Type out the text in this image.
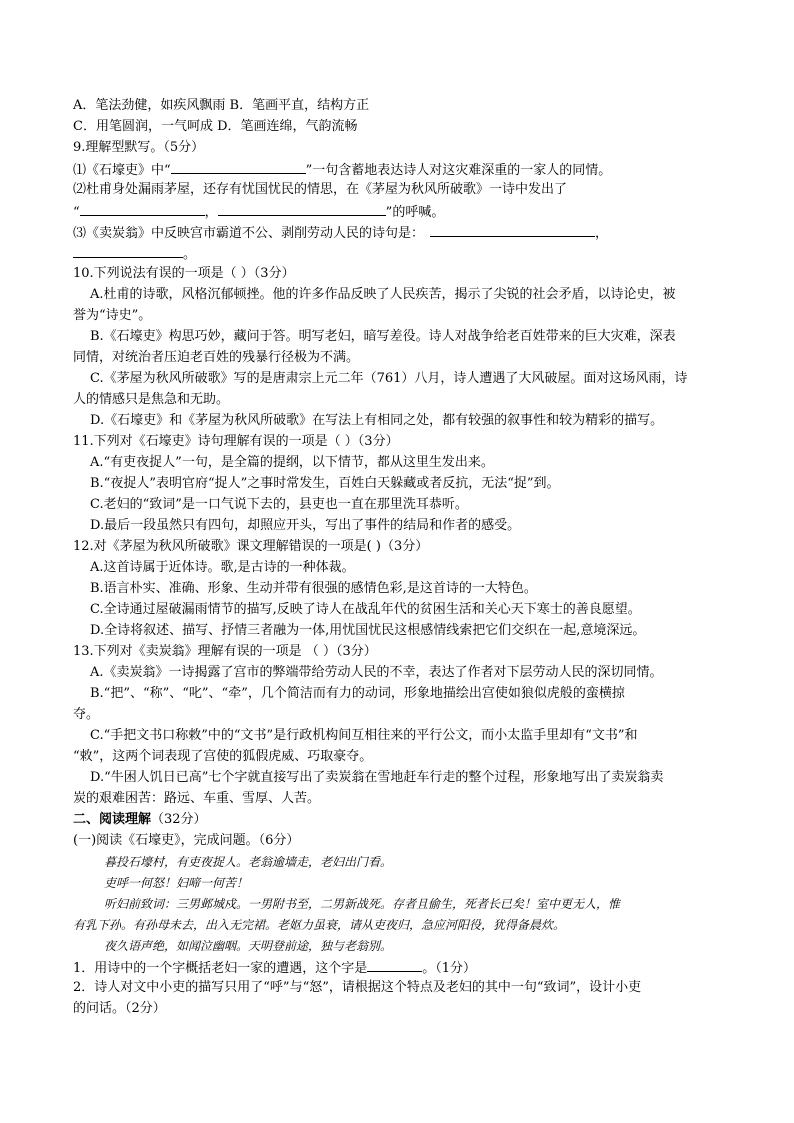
A．笔法劲健，如疾风飘雨 B．笔画平直，结构方正
C．用笔圆润，一气呵成 D．笔画连绵，气韵流畅
9.理解型默写。（5分）
⑴《石壕吏》中“	”一句含蓄地表达诗人对这灾难深重的一家人的同情。
⑵杜甫身处漏雨茅屋，还存有忧国忧民的情思，在《茅屋为秋风所破歌》一诗中发出了
“	，	”的呼喊。
⑶《卖炭翁》中反映宫市霸道不公、剥削劳动人民的诗句是：	，
。
10.下列说法有误的一项是（ ）（3分）
A.杜甫的诗歌，风格沉郁顿挫。他的许多作品反映了人民疾苦，揭示了尖锐的社会矛盾，以诗论史，被
誉为“诗史”。
B.《石壕吏》构思巧妙，藏问于答。明写老妇，暗写差役。诗人对战争给老百姓带来的巨大灾难，深表
同情，对统治者压迫老百姓的残暴行径极为不满。
C.《茅屋为秋风所破歌》写的是唐肃宗上元二年（761）八月，诗人遭遇了大风破屋。面对这场风雨，诗
人的情感只是焦急和无助。
D.《石壕吏》和《茅屋为秋风所破歌》在写法上有相同之处，都有较强的叙事性和较为精彩的描写。
11.下列对《石壕吏》诗句理解有误的一项是（ ）（3分）
A.“有吏夜捉人”一句，是全篇的提纲，以下情节，都从这里生发出来。
B.“夜捉人”表明官府“捉人”之事时常发生，百姓白天躲藏或者反抗，无法“捉”到。
C.老妇的“致词”是一口气说下去的，县吏也一直在那里洗耳恭听。
D.最后一段虽然只有四句，却照应开头，写出了事件的结局和作者的感受。
12.对《茅屋为秋风所破歌》课文理解错误的一项是( )（3分）
A.这首诗属于近体诗。歌,是古诗的一种体裁。
B.语言朴实、准确、形象、生动并带有很强的感情色彩,是这首诗的一大特色。
C.全诗通过屋破漏雨情节的描写,反映了诗人在战乱年代的贫困生活和关心天下寒士的善良愿望。
D.全诗将叙述、描写、抒情三者融为一体,用忧国忧民这根感情线索把它们交织在一起,意境深远。
13.下列对《卖炭翁》理解有误的一项是 （ ）（3分）
A.《卖炭翁》一诗揭露了宫市的弊端带给劳动人民的不幸，表达了作者对下层劳动人民的深切同情。
B.“把”、“称”、“叱”、“牵”，几个简洁而有力的动词，形象地描绘出宫使如狼似虎般的蛮横掠
夺。
C.“手把文书口称敕”中的“文书”是行政机构间互相往来的平行公文，而小太监手里却有“文书”和
“敕”，这两个词表现了宫使的狐假虎威、巧取豪夺。
D.“牛困人饥日已高”七个字就直接写出了卖炭翁在雪地赶车行走的整个过程，形象地写出了卖炭翁卖
炭的艰难困苦：路远、车重、雪厚、人苦。
二、阅读理解（32分）
(一)阅读《石壕吏》，完成问题。（6分）
暮投石壕村，有吏夜捉人。老翁逾墙走，老妇出门看。
吏呼一何怒！妇啼一何苦！
听妇前致词：三男邺城戍。一男附书至，二男新战死。存者且偷生，死者长已矣！室中更无人，惟
有乳下孙。有孙母未去，出入无完裙。老妪力虽衰，请从吏夜归，急应河阳役，犹得备晨炊。
夜久语声绝，如闻泣幽咽。天明登前途，独与老翁别。
1．用诗中的一个字概括老妇一家的遭遇，这个字是	。（1分）
2．诗人对文中小吏的描写只用了“呼”与“怒”，请根据这个特点及老妇的其中一句“致词”，设计小吏
的问话。（2分）
